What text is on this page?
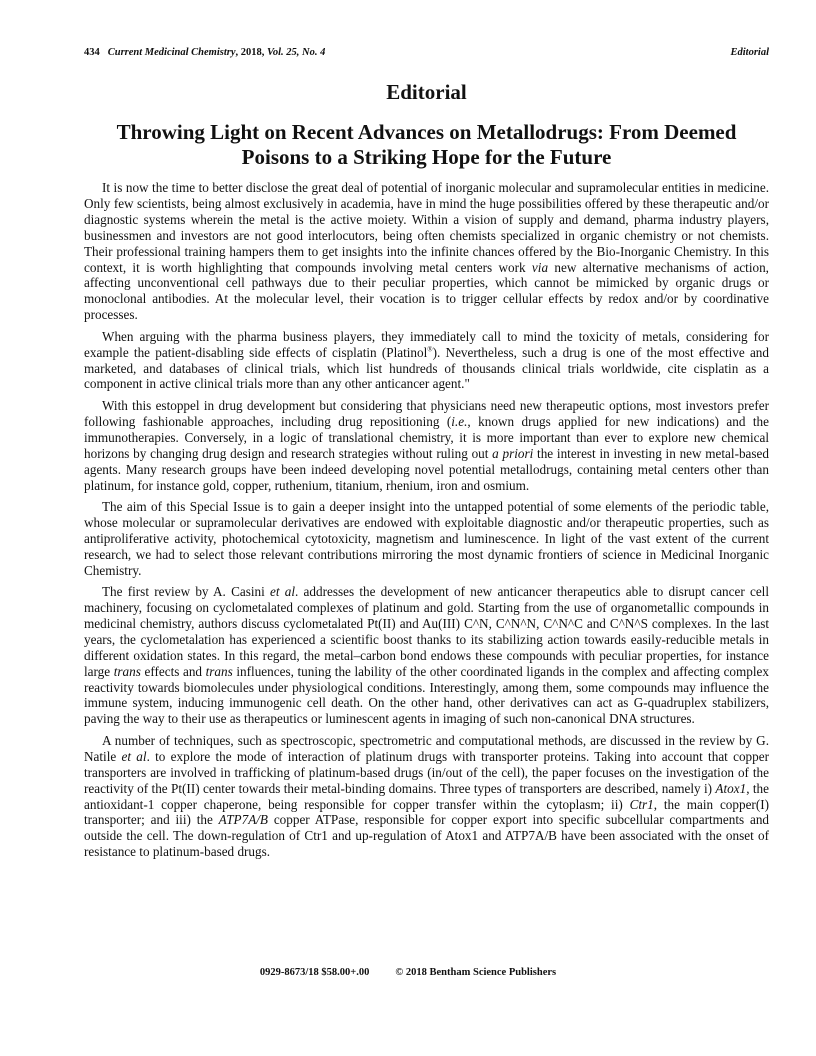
434 Current Medicinal Chemistry, 2018, Vol. 25, No. 4	Editorial
Editorial
Throwing Light on Recent Advances on Metallodrugs: From Deemed Poisons to a Striking Hope for the Future

It is now the time to better disclose the great deal of potential of inorganic molecular and supramolecular entities in medicine. Only few scientists, being almost exclusively in academia, have in mind the huge possibilities offered by these therapeutic and/or diagnostic systems wherein the metal is the active moiety. Within a vision of supply and demand, pharma industry players, businessmen and investors are not good interlocutors, being often chemists specialized in organic chemistry or not chemists. Their professional training hampers them to get insights into the infinite chances offered by the Bio-Inorganic Chemistry. In this context, it is worth highlighting that compounds involving metal centers work via new alternative mechanisms of action, affecting unconventional cell pathways due to their peculiar properties, which cannot be mimicked by organic drugs or monoclonal antibodies. At the molecular level, their vocation is to trigger cellular effects by redox and/or by coordinative processes.

When arguing with the pharma business players, they immediately call to mind the toxicity of metals, considering for example the patient-disabling side effects of cisplatin (Platinol®). Nevertheless, such a drug is one of the most effective and marketed, and databases of clinical trials, which list hundreds of thousands clinical trials worldwide, cite cisplatin as a component in active clinical trials more than any other anticancer agent."

With this estoppel in drug development but considering that physicians need new therapeutic options, most investors prefer following fashionable approaches, including drug repositioning (i.e., known drugs applied for new indications) and the immunotherapies. Conversely, in a logic of translational chemistry, it is more important than ever to explore new chemical horizons by changing drug design and research strategies without ruling out a priori the interest in investing in new metal-based agents. Many research groups have been indeed developing novel potential metallodrugs, containing metal centers other than platinum, for instance gold, copper, ruthenium, titanium, rhenium, iron and osmium.

The aim of this Special Issue is to gain a deeper insight into the untapped potential of some elements of the periodic table, whose molecular or supramolecular derivatives are endowed with exploitable diagnostic and/or therapeutic properties, such as antiproliferative activity, photochemical cytotoxicity, magnetism and luminescence. In light of the vast extent of the current research, we had to select those relevant contributions mirroring the most dynamic frontiers of science in Medicinal Inorganic Chemistry.

The first review by A. Casini et al. addresses the development of new anticancer therapeutics able to disrupt cancer cell machinery, focusing on cyclometalated complexes of platinum and gold. Starting from the use of organometallic compounds in medicinal chemistry, authors discuss cyclometalated Pt(II) and Au(III) C^N, C^N^N, C^N^C and C^N^S complexes. In the last years, the cyclometalation has experienced a scientific boost thanks to its stabilizing action towards easily-reducible metals in different oxidation states. In this regard, the metal–carbon bond endows these compounds with peculiar properties, for instance large trans effects and trans influences, tuning the lability of the other coordinated ligands in the complex and affecting complex reactivity towards biomolecules under physiological conditions. Interestingly, among them, some compounds may influence the immune system, inducing immunogenic cell death. On the other hand, other derivatives can act as G-quadruplex stabilizers, paving the way to their use as therapeutics or luminescent agents in imaging of such non-canonical DNA structures.

A number of techniques, such as spectroscopic, spectrometric and computational methods, are discussed in the review by G. Natile et al. to explore the mode of interaction of platinum drugs with transporter proteins. Taking into account that copper transporters are involved in trafficking of platinum-based drugs (in/out of the cell), the paper focuses on the investigation of the reactivity of the Pt(II) center towards their metal-binding domains. Three types of transporters are described, namely i) Atox1, the antioxidant-1 copper chaperone, being responsible for copper transfer within the cytoplasm; ii) Ctr1, the main copper(I) transporter; and iii) the ATP7A/B copper ATPase, responsible for copper export into specific subcellular compartments and outside the cell. The down-regulation of Ctr1 and up-regulation of Atox1 and ATP7A/B have been associated with the onset of resistance to platinum-based drugs.

0929-8673/18 $58.00+.00 © 2018 Bentham Science Publishers
